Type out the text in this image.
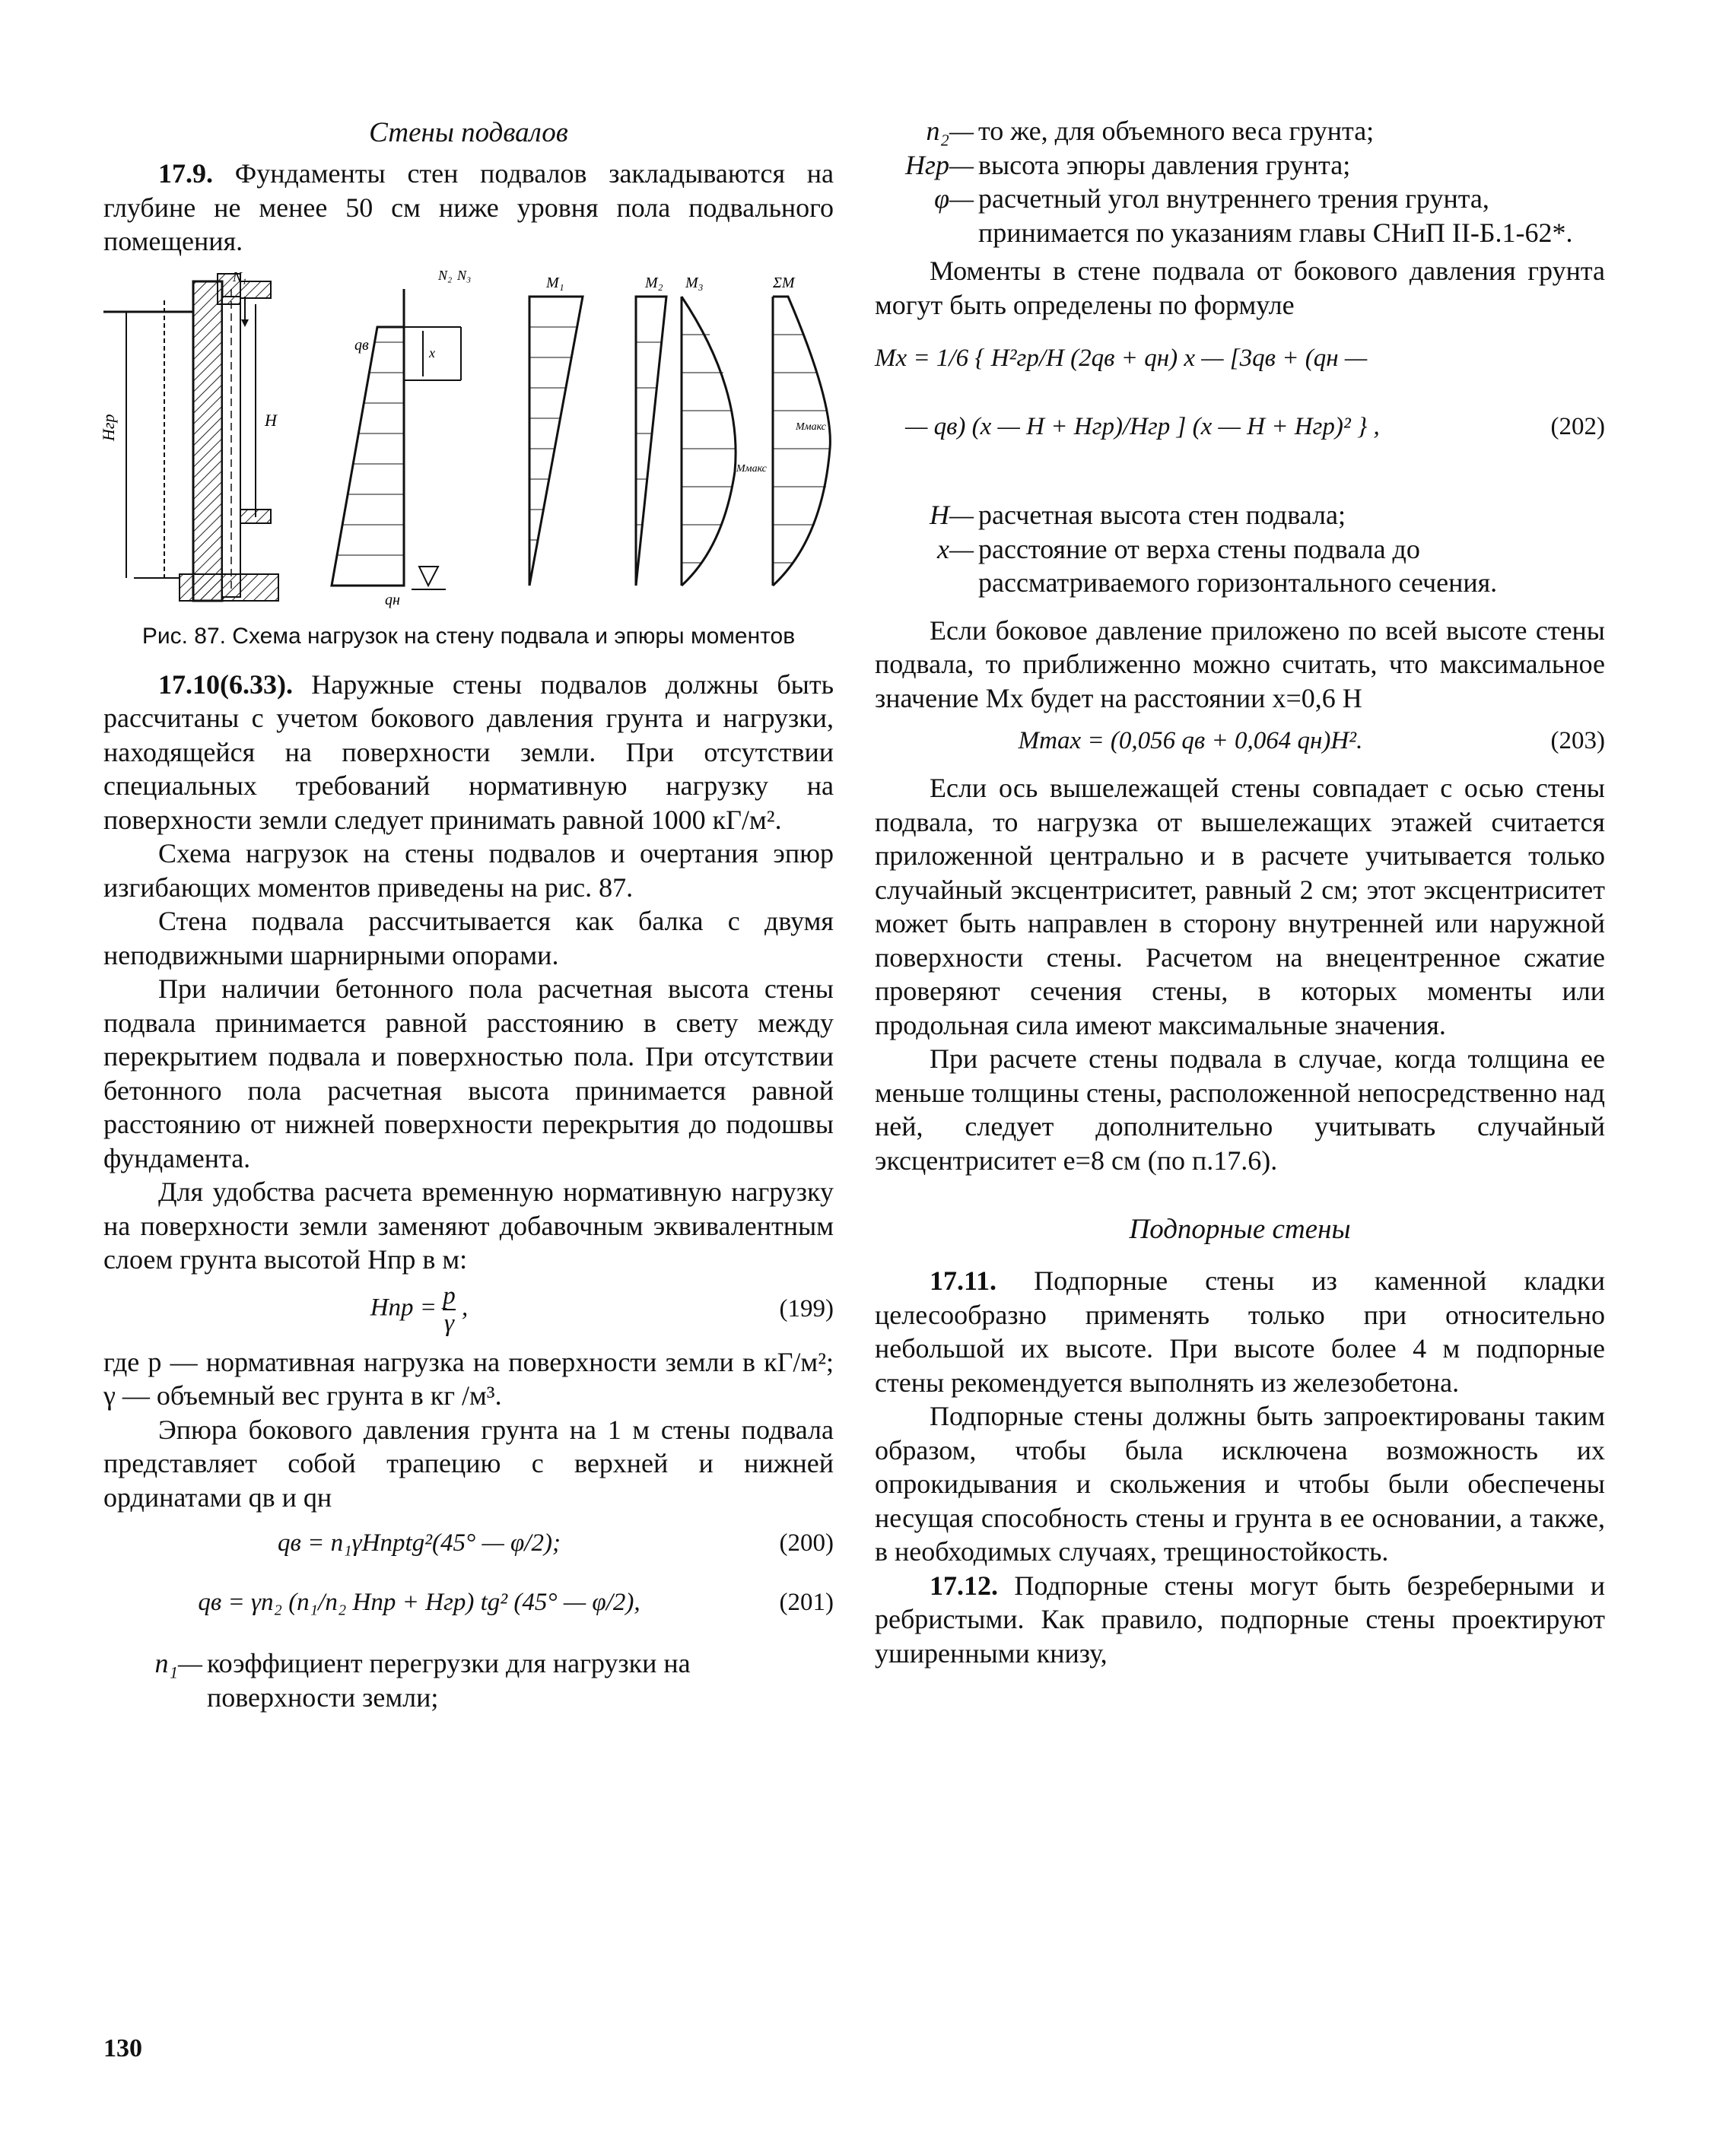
Стены подвалов

17.9. Фундаменты стен подвалов закладываются на глубине не менее 50 см ниже уровня пола подвального помещения.

Hгр	H
N₁	N₂ N₃
qв
qн
x
M₁	M₂ M₃
Mмакс
ΣM
Mмакс
Рис. 87. Схема нагрузок на стену подвала и эпюры моментов

17.10(6.33). Наружные стены подвалов должны быть рассчитаны с учетом бокового давления грунта и нагрузки, находящейся на поверхности земли. При отсутствии специальных требований нормативную нагрузку на поверхности земли следует принимать равной 1000 кГ/м².

Схема нагрузок на стены подвалов и очертания эпюр изгибающих моментов приведены на рис. 87.

Стена подвала рассчитывается как балка с двумя неподвижными шарнирными опорами.

При наличии бетонного пола расчетная высота стены подвала принимается равной расстоянию в свету между перекрытием подвала и поверхностью пола. При отсутствии бетонного пола расчетная высота принимается равной расстоянию от нижней поверхности перекрытия до подошвы фундамента.

Для удобства расчета временную нормативную нагрузку на поверхности земли заменяют добавочным эквивалентным слоем грунта высотой Hпр в м:

Hпр = $\frac{p}{\gamma}$ ,	(199)

где p — нормативная нагрузка на поверхности земли в кГ/м²; γ — объемный вес грунта в кг /м³.

Эпюра бокового давления грунта на 1 м стены подвала представляет собой трапецию с верхней и нижней ординатами qв и qн

qв = n₁γHпрtg²(45° — φ/2);	(200)
qв = γn₂ (n₁/n₂ Hпр + Hгр) tg² (45° — φ/2),	(201)
n₁— коэффициент перегрузки для нагрузки на поверхности земли;
130
n₂— то же, для объемного веса грунта;
Hгр— высота эпюры давления грунта;
φ— расчетный угол внутреннего трения грунта, принимается по указаниям главы СНиП II-Б.1-62*.

Моменты в стене подвала от бокового давления грунта могут быть определены по формуле

Mx = 1/6 { H²гр/H (2qв + qн) x — [3qв + (qн —
— qв) (x — H + Hгр)/Hгр ] (x — H + Hгр)² } ,	(202)
H— расчетная высота стен подвала;
x— расстояние от верха стены подвала до рассматриваемого горизонтального сечения.

Если боковое давление приложено по всей высоте стены подвала, то приближенно можно считать, что максимальное значение Mx будет на расстоянии x=0,6 H

Mmax = (0,056 qв + 0,064 qн)H².	(203)

Если ось вышележащей стены совпадает с осью стены подвала, то нагрузка от вышележащих этажей считается приложенной центрально и в расчете учитывается только случайный эксцентриситет, равный 2 см; этот эксцентриситет может быть направлен в сторону внутренней или наружной поверхности стены. Расчетом на внецентренное сжатие проверяют сечения стены, в которых моменты или продольная сила имеют максимальные значения.

При расчете стены подвала в случае, когда толщина ее меньше толщины стены, расположенной непосредственно над ней, следует дополнительно учитывать случайный эксцентриситет e=8 см (по п.17.6).

Подпорные стены

17.11. Подпорные стены из каменной кладки целесообразно применять только при относительно небольшой их высоте. При высоте более 4 м подпорные стены рекомендуется выполнять из железобетона.

Подпорные стены должны быть запроектированы таким образом, чтобы была исключена возможность их опрокидывания и скольжения и чтобы были обеспечены несущая способность стены и грунта в ее основании, а также, в необходимых случаях, трещиностойкость.

17.12. Подпорные стены могут быть безреберными и ребристыми. Как правило, подпорные стены проектируют уширенными книзу,
